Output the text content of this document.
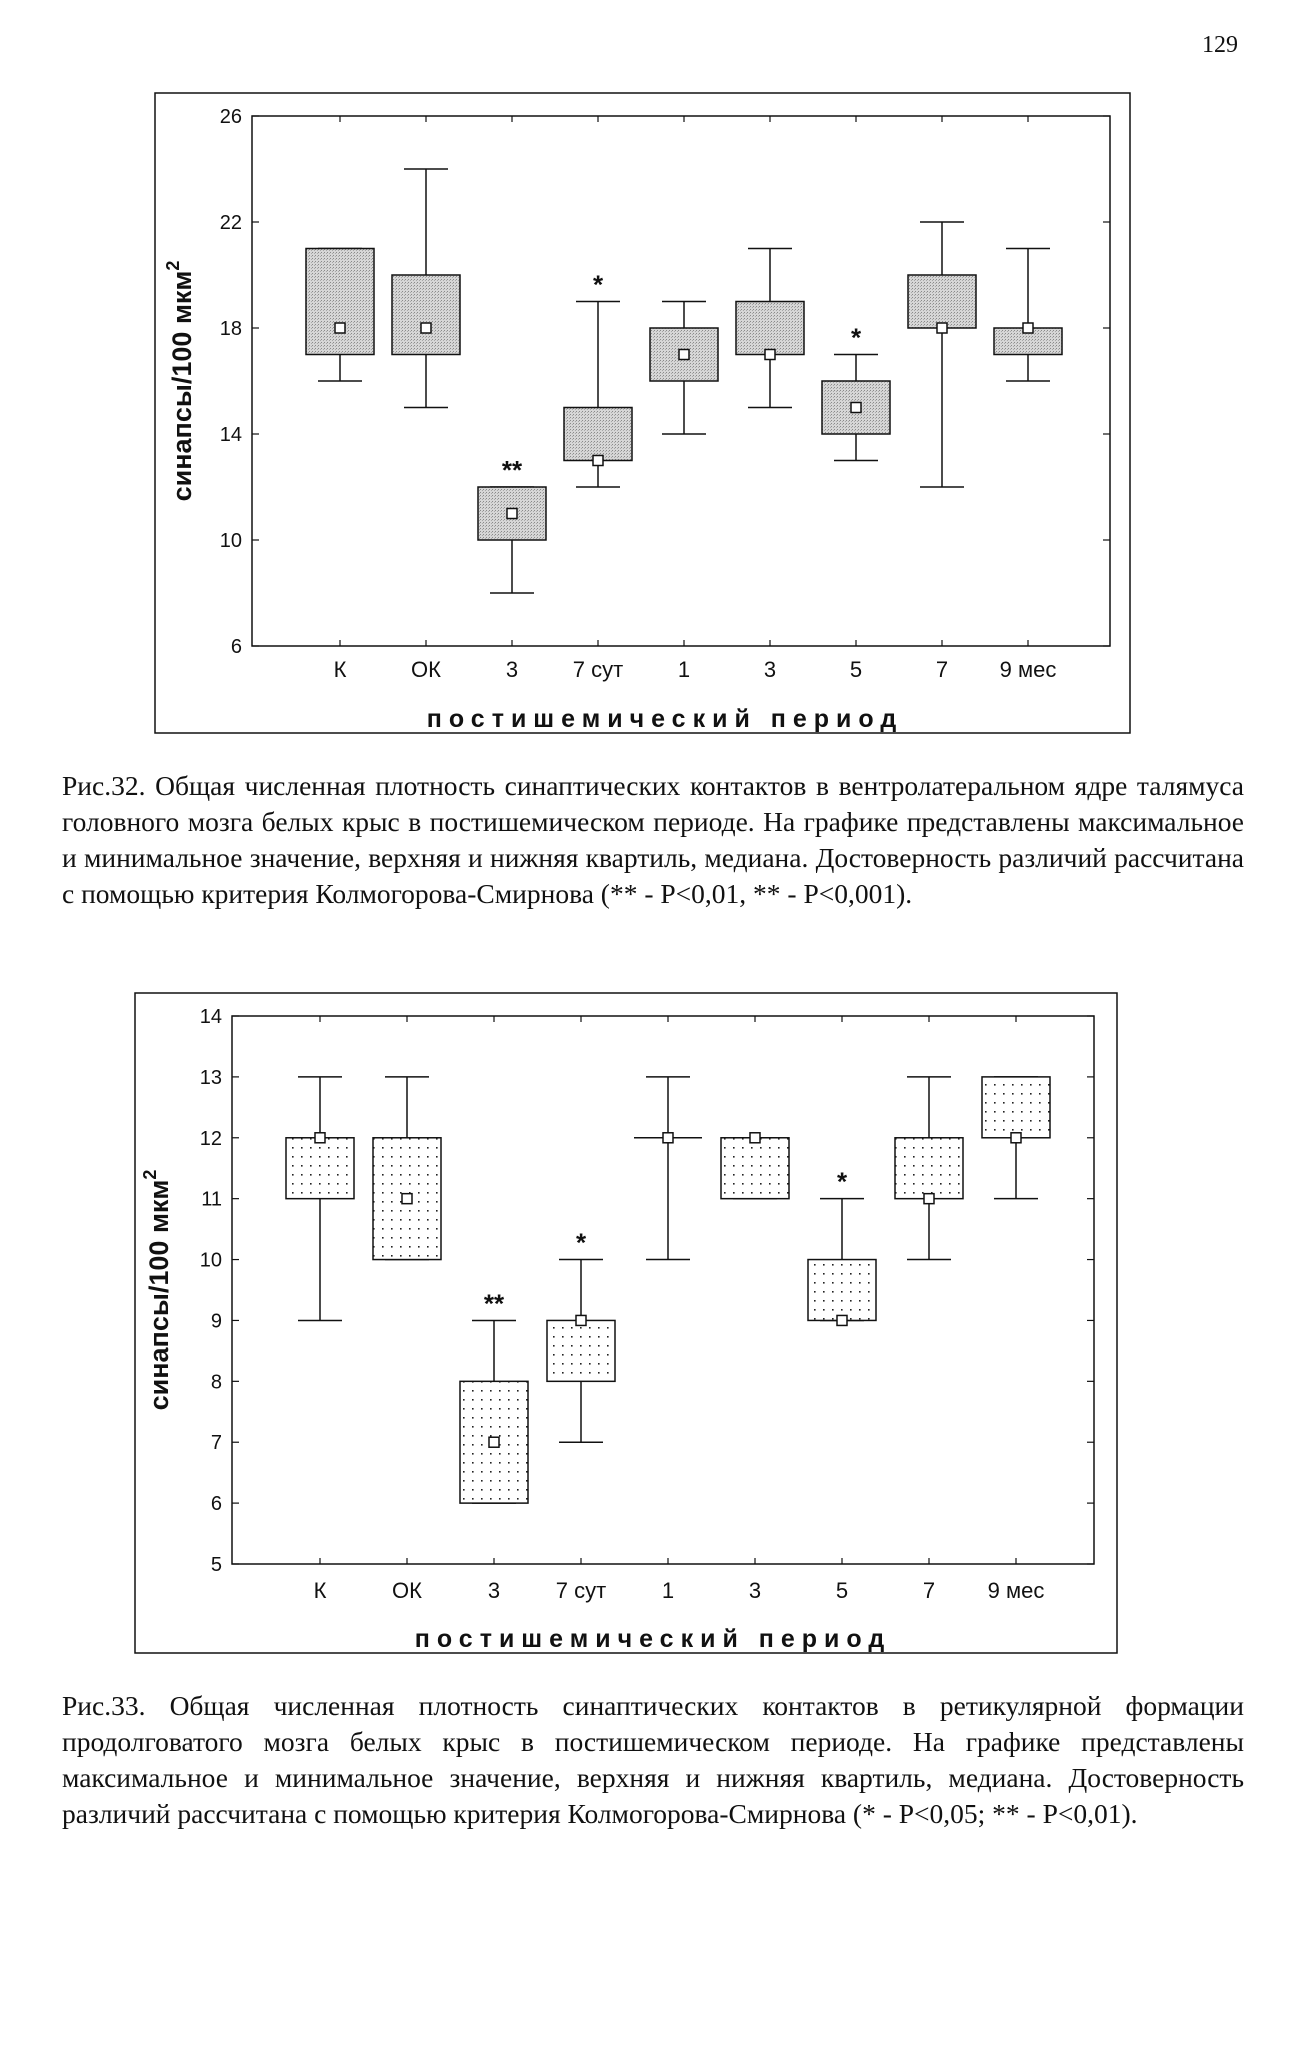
129
6
10
14
18
22
26
К	ОК	3
**
7 сут
*
1	3	5
*
7 9 мес
постишемический период
синапсы/100 мкм$^2$
5
6
7
8
9
10
11
12
13
14
К	ОК	3
**
7 сут
*
1	3	5
*
7 9 мес
постишемический период
синапсы/100 мкм$^2$

Рис.32. Общая численная плотность синаптических контактов в вентролатеральном ядре талямуса головного мозга белых крыс в постишемическом периоде. На графике представлены максимальное и минимальное значение, верхняя и нижняя квартиль, медиана. Достоверность различий рассчитана с помощью критерия Колмогорова-Смирнова (** - P<0,01, ** - P<0,001).

Рис.33. Общая численная плотность синаптических контактов в ретикулярной формации продолговатого мозга белых крыс в постишемическом периоде. На графике представлены максимальное и минимальное значение, верхняя и нижняя квартиль, медиана. Достоверность различий рассчитана с помощью критерия Колмогорова-Смирнова (* - P<0,05; ** - P<0,01).
